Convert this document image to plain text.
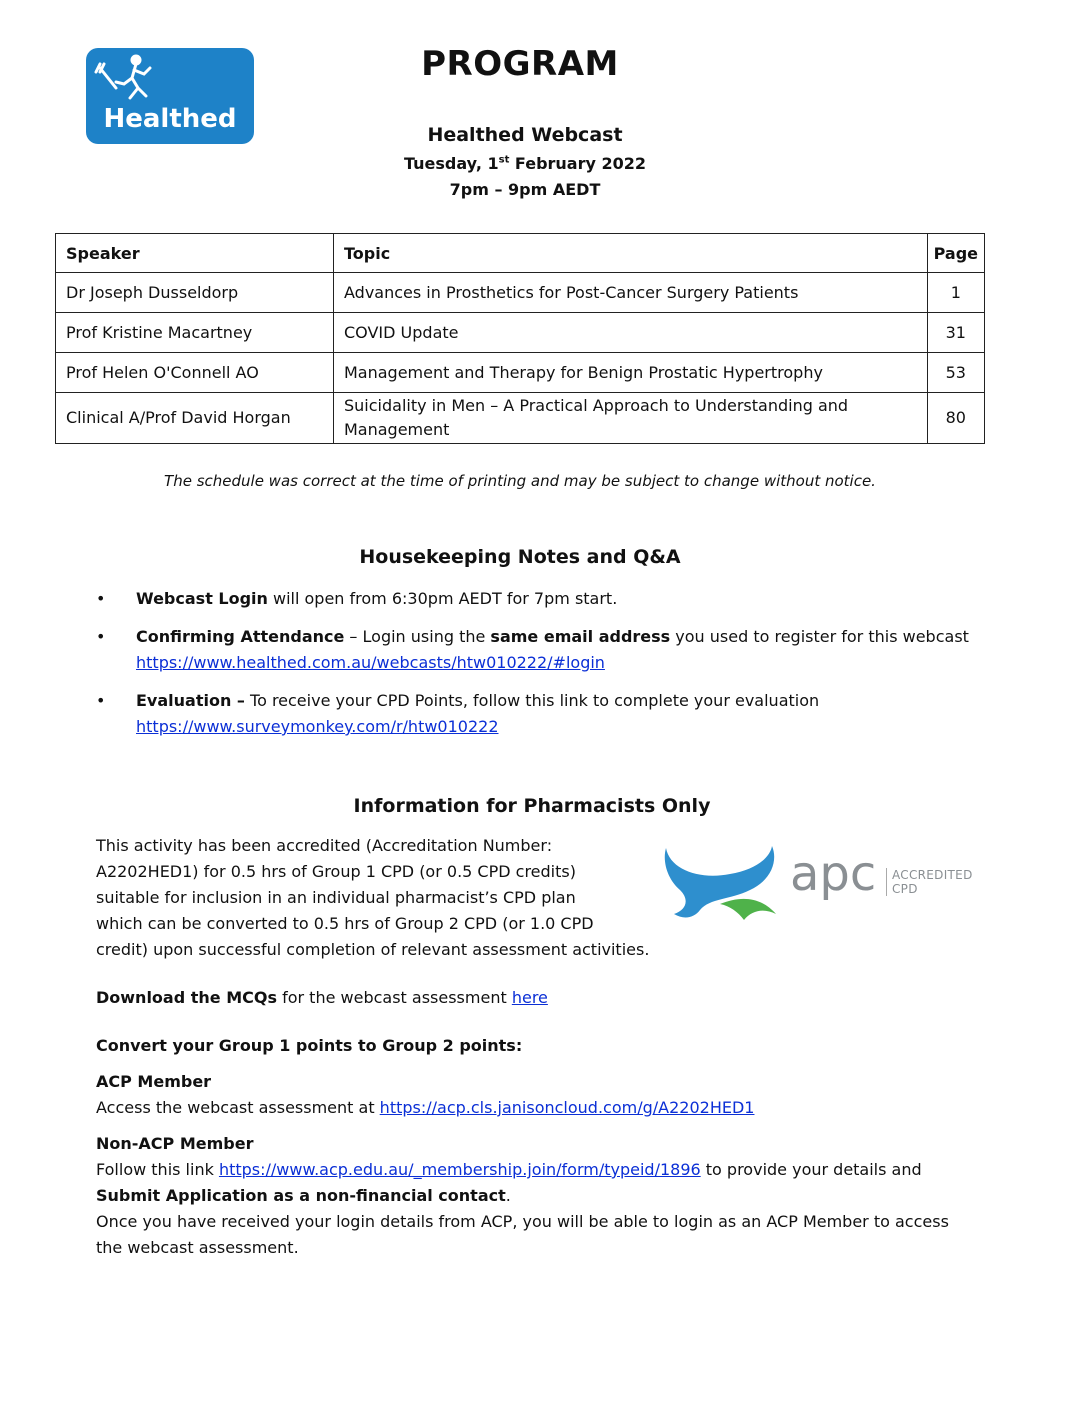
Healthed
PROGRAM
Healthed Webcast
Tuesday, 1st February 2022
7pm – 9pm AEDT
Speaker	Topic	Page
Dr Joseph Dusseldorp	Advances in Prosthetics for Post-Cancer Surgery Patients	1
Prof Kristine Macartney	COVID Update	31
Prof Helen O'Connell AO	Management and Therapy for Benign Prostatic Hypertrophy	53
Clinical A/Prof David Horgan	Suicidality in Men – A Practical Approach to Understanding and Management	80
The schedule was correct at the time of printing and may be subject to change without notice.
Housekeeping Notes and Q&A
• Webcast Login will open from 6:30pm AEDT for 7pm start.
• Confirming Attendance – Login using the same email address you used to register for this webcast https://www.healthed.com.au/webcasts/htw010222/#login
• Evaluation – To receive your CPD Points, follow this link to complete your evaluation https://www.surveymonkey.com/r/htw010222
Information for Pharmacists Only
This activity has been accredited (Accreditation Number:
A2202HED1) for 0.5 hrs of Group 1 CPD (or 0.5 CPD credits)
suitable for inclusion in an individual pharmacist’s CPD plan
which can be converted to 0.5 hrs of Group 2 CPD (or 1.0 CPD
credit) upon successful completion of relevant assessment activities.
apc ACCREDITED
CPD
Download the MCQs for the webcast assessment here
Convert your Group 1 points to Group 2 points:
ACP Member
Access the webcast assessment at https://acp.cls.janisoncloud.com/g/A2202HED1
Non-ACP Member
Follow this link https://www.acp.edu.au/_membership.join/form/typeid/1896 to provide your details and Submit Application as a non-financial contact.
Once you have received your login details from ACP, you will be able to login as an ACP Member to access the webcast assessment.
